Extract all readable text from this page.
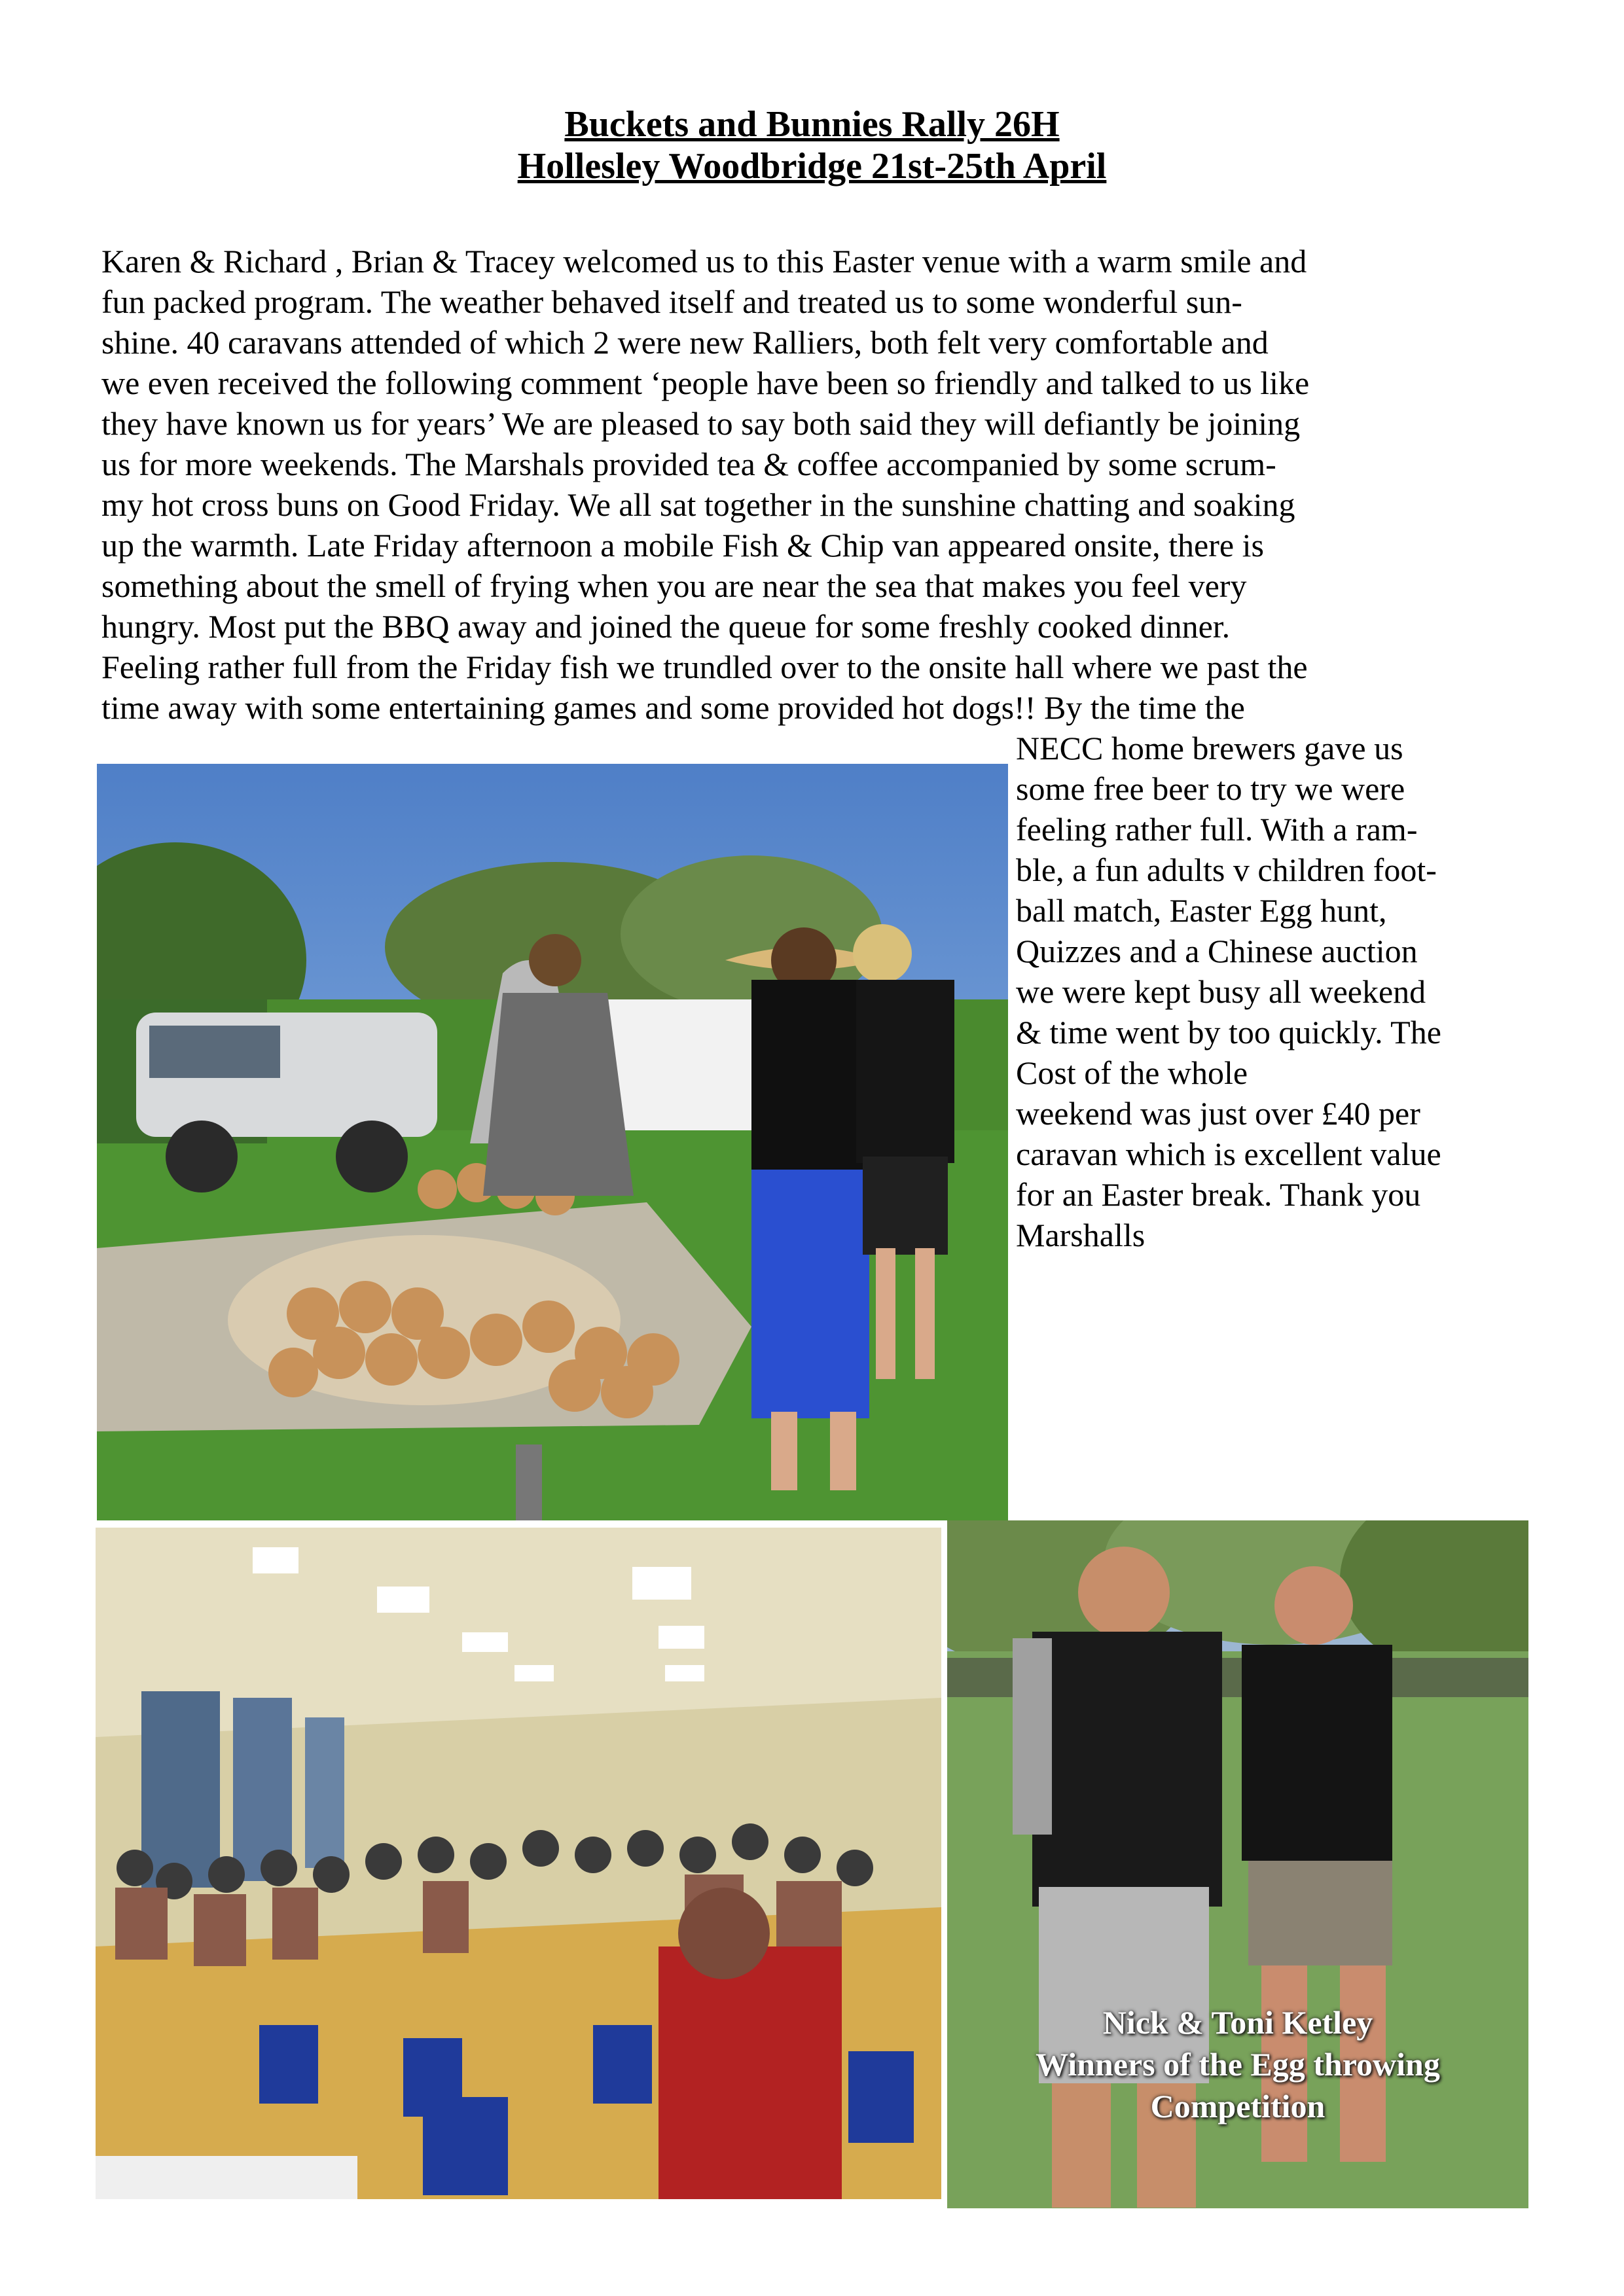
Buckets and Bunnies Rally 26H
Hollesley Woodbridge 21st-25th April
Karen & Richard , Brian & Tracey welcomed us to this Easter venue with a warm smile and
fun packed program. The weather behaved itself and treated us to some wonderful sun-
shine. 40 caravans attended of which 2 were new Ralliers, both felt very comfortable and
we even received the following comment ‘people have been so friendly and talked to us like
they have known us for years’ We are pleased to say both said they will defiantly be joining
us for more weekends. The Marshals provided tea & coffee accompanied by some scrum-
my hot cross buns on Good Friday. We all sat together in the sunshine chatting and soaking
up the warmth. Late Friday afternoon a mobile Fish & Chip van appeared onsite, there is
something about the smell of frying when you are near the sea that makes you feel very
hungry. Most put the BBQ away and joined the queue for some freshly cooked dinner.
Feeling rather full from the Friday fish we trundled over to the onsite hall where we past the
time away with some entertaining games and some provided hot dogs!! By the time the
NECC home brewers gave us
some free beer to try we were
feeling rather full. With a ram-
ble, a fun adults v children foot-
ball match, Easter Egg hunt,
Quizzes and a Chinese auction
we were kept busy all weekend
& time went by too quickly. The
Cost of the whole
weekend was just over £40 per
caravan which is excellent value
for an Easter break. Thank you
Marshalls
Nick & Toni Ketley
Winners of the Egg throwing
Competition
